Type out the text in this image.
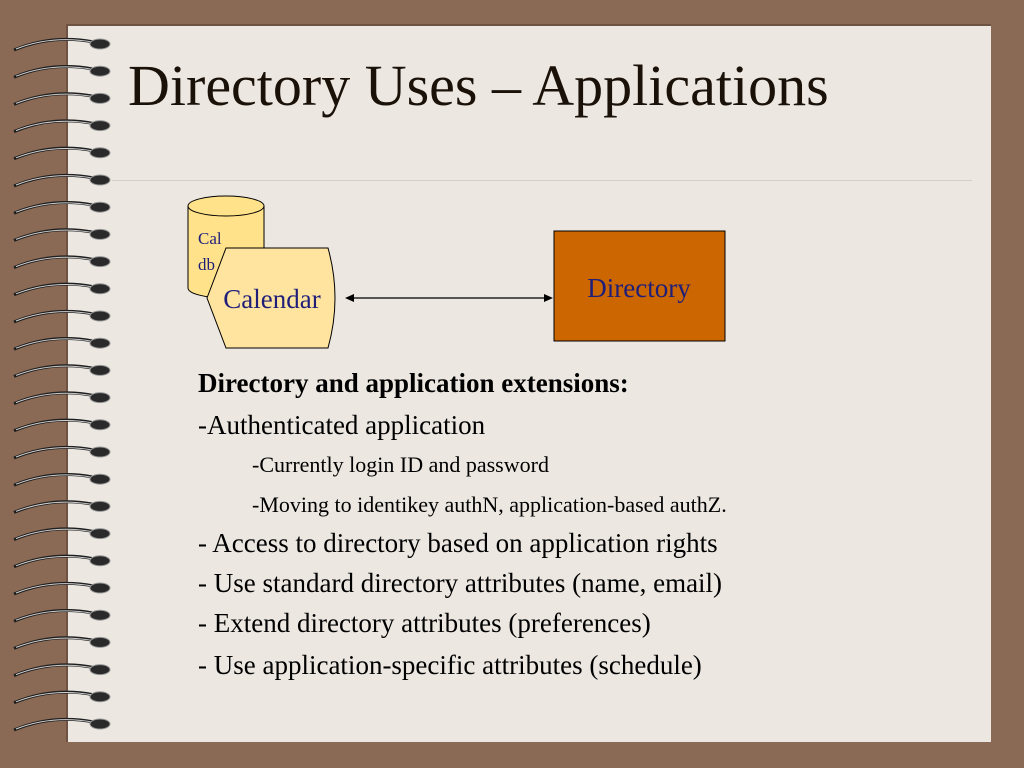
Directory Uses – Applications
Cal
db
Calendar	Directory
Directory and application extensions:
-Authenticated application
-Currently login ID and password
-Moving to identikey authN, application-based authZ.
- Access to directory based on application rights
- Use standard directory attributes (name, email)
- Extend directory attributes (preferences)
- Use application-specific attributes (schedule)
